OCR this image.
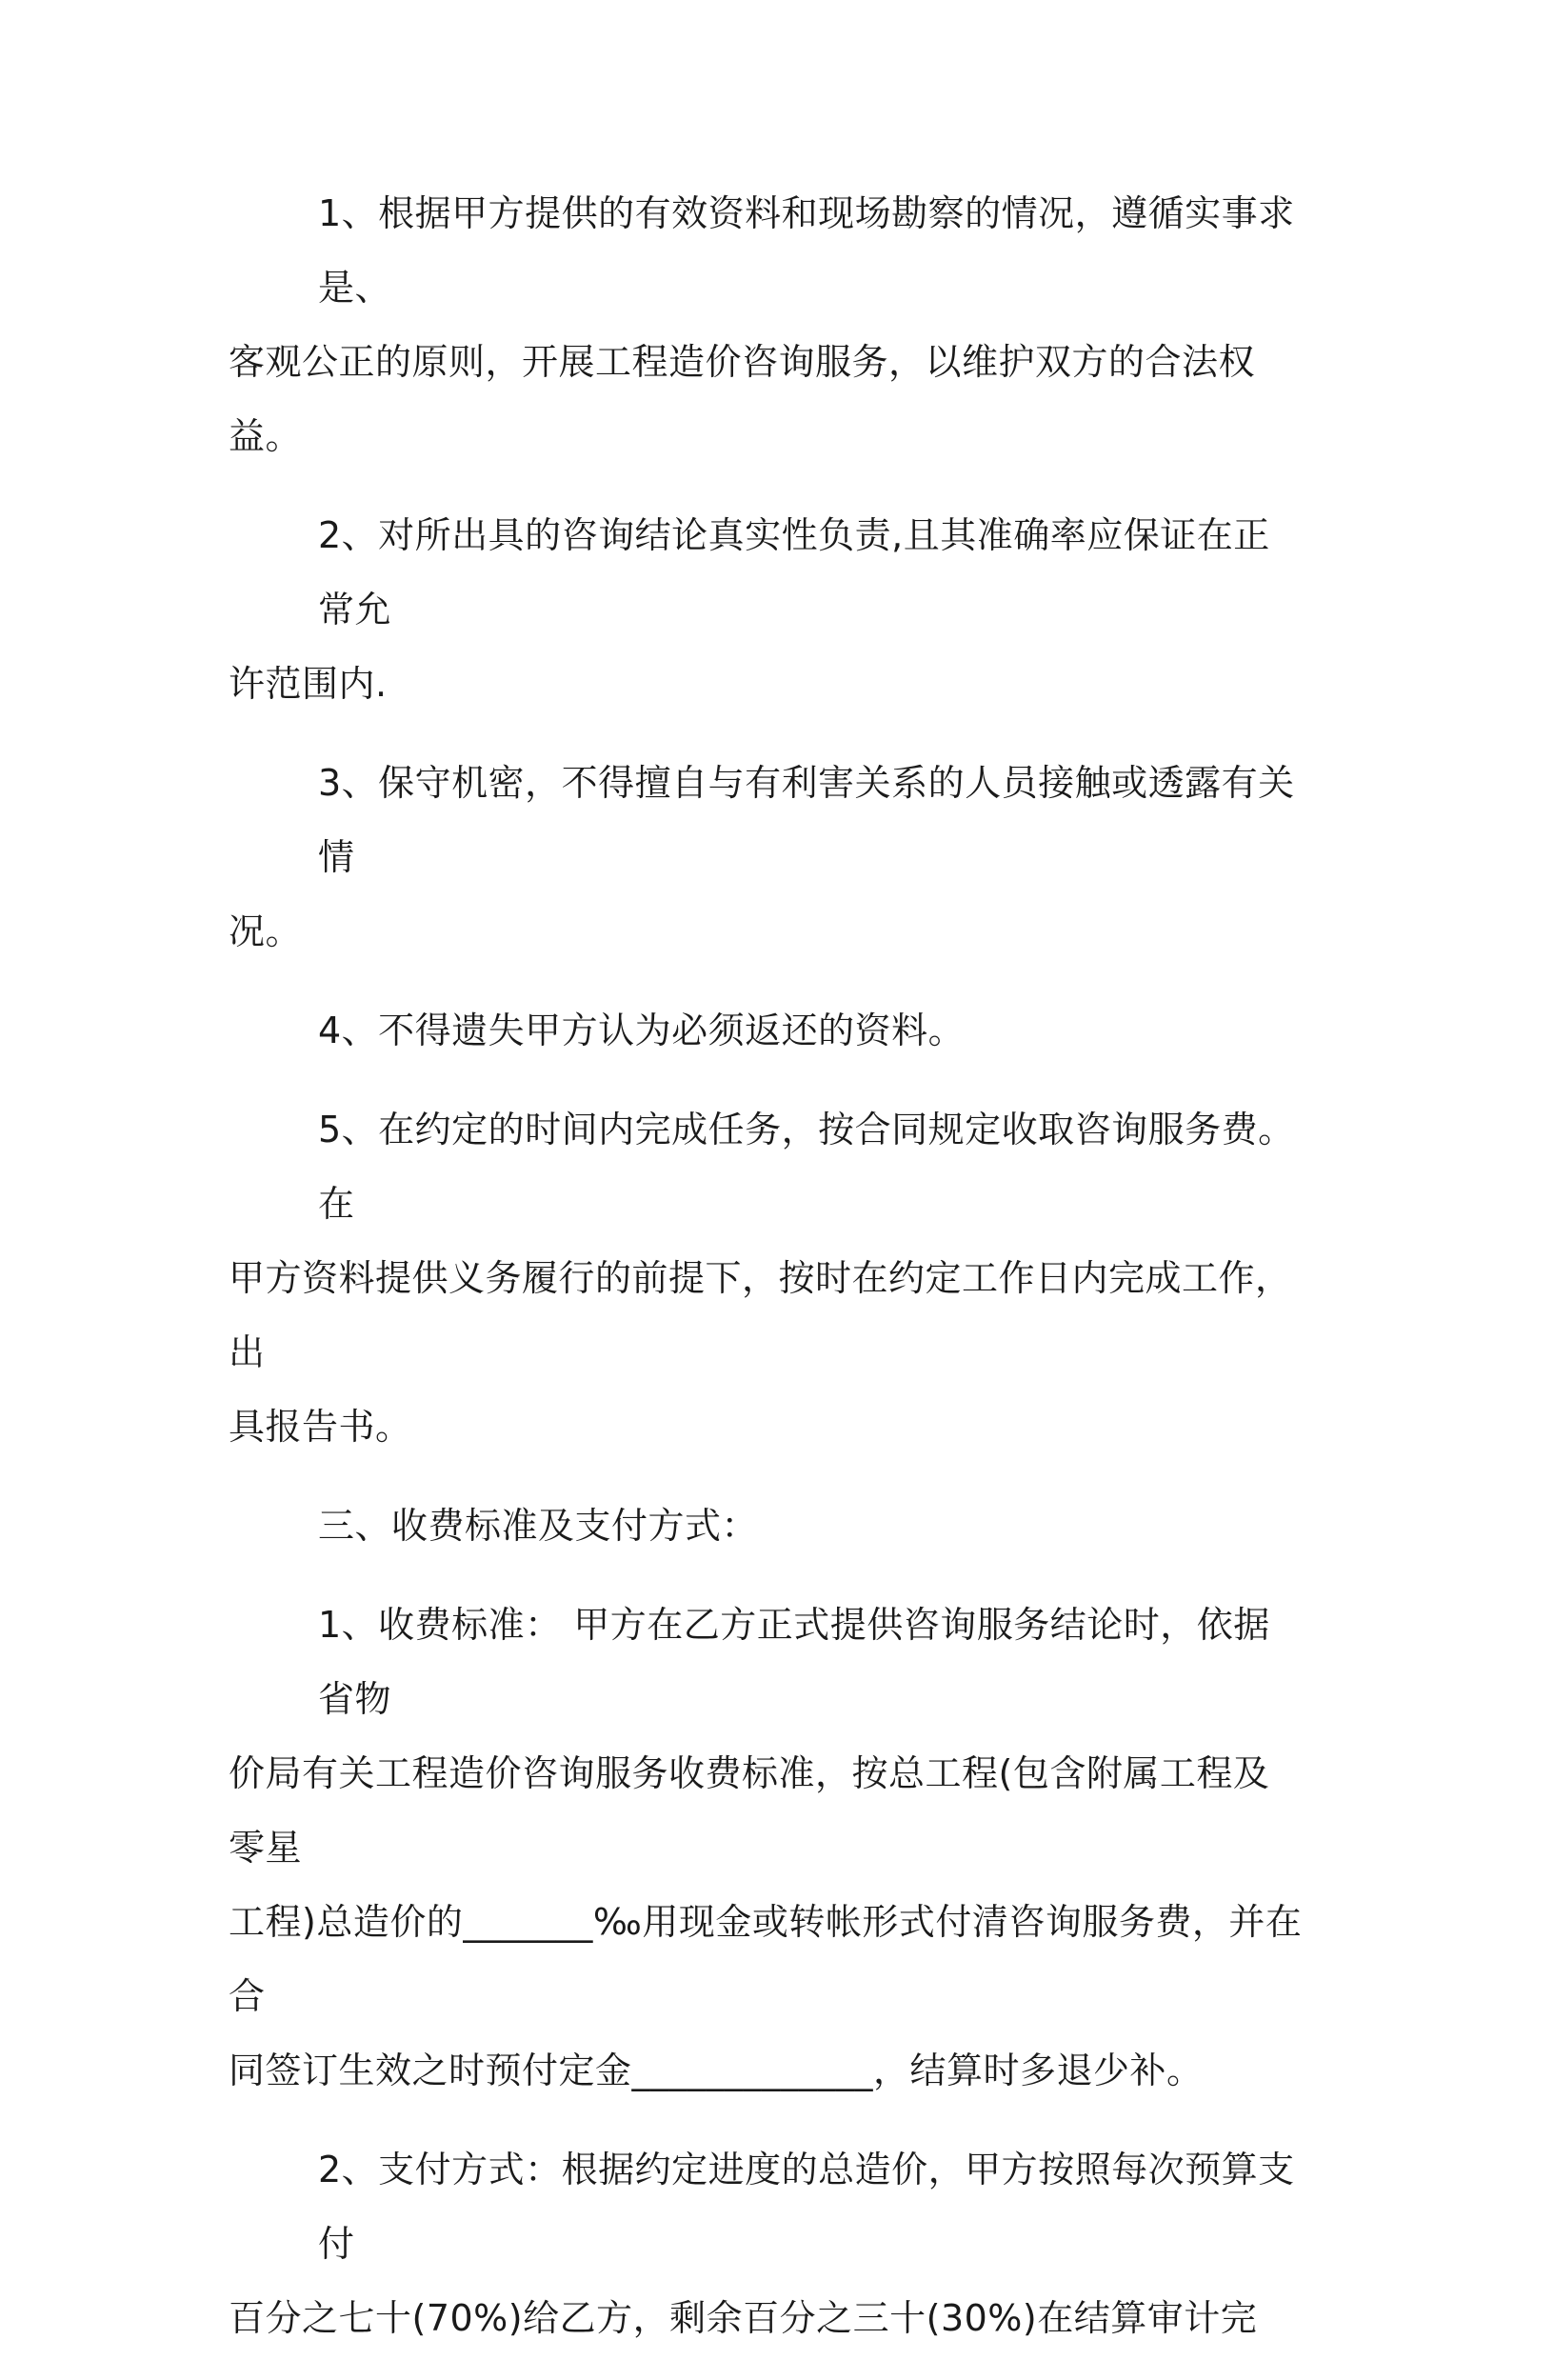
1、根据甲方提供的有效资料和现场勘察的情况，遵循实事求是、
客观公正的原则，开展工程造价咨询服务，以维护双方的合法权益。
2、对所出具的咨询结论真实性负责,且其准确率应保证在正常允
许范围内.
3、保守机密，不得擅自与有利害关系的人员接触或透露有关情
况。
4、不得遗失甲方认为必须返还的资料。
5、在约定的时间内完成任务，按合同规定收取咨询服务费。 在
甲方资料提供义务履行的前提下，按时在约定工作日内完成工作，出
具报告书。
三、收费标准及支付方式：
1、收费标准： 甲方在乙方正式提供咨询服务结论时，依据省物
价局有关工程造价咨询服务收费标准，按总工程(包含附属工程及零星
工程)总造价的_______‰用现金或转帐形式付清咨询服务费，并在合
同签订生效之时预付定金_____________，结算时多退少补。
2、支付方式：根据约定进度的总造价，甲方按照每次预算支付
百分之七十(70%)给乙方，剩余百分之三十(30%)在结算审计完
